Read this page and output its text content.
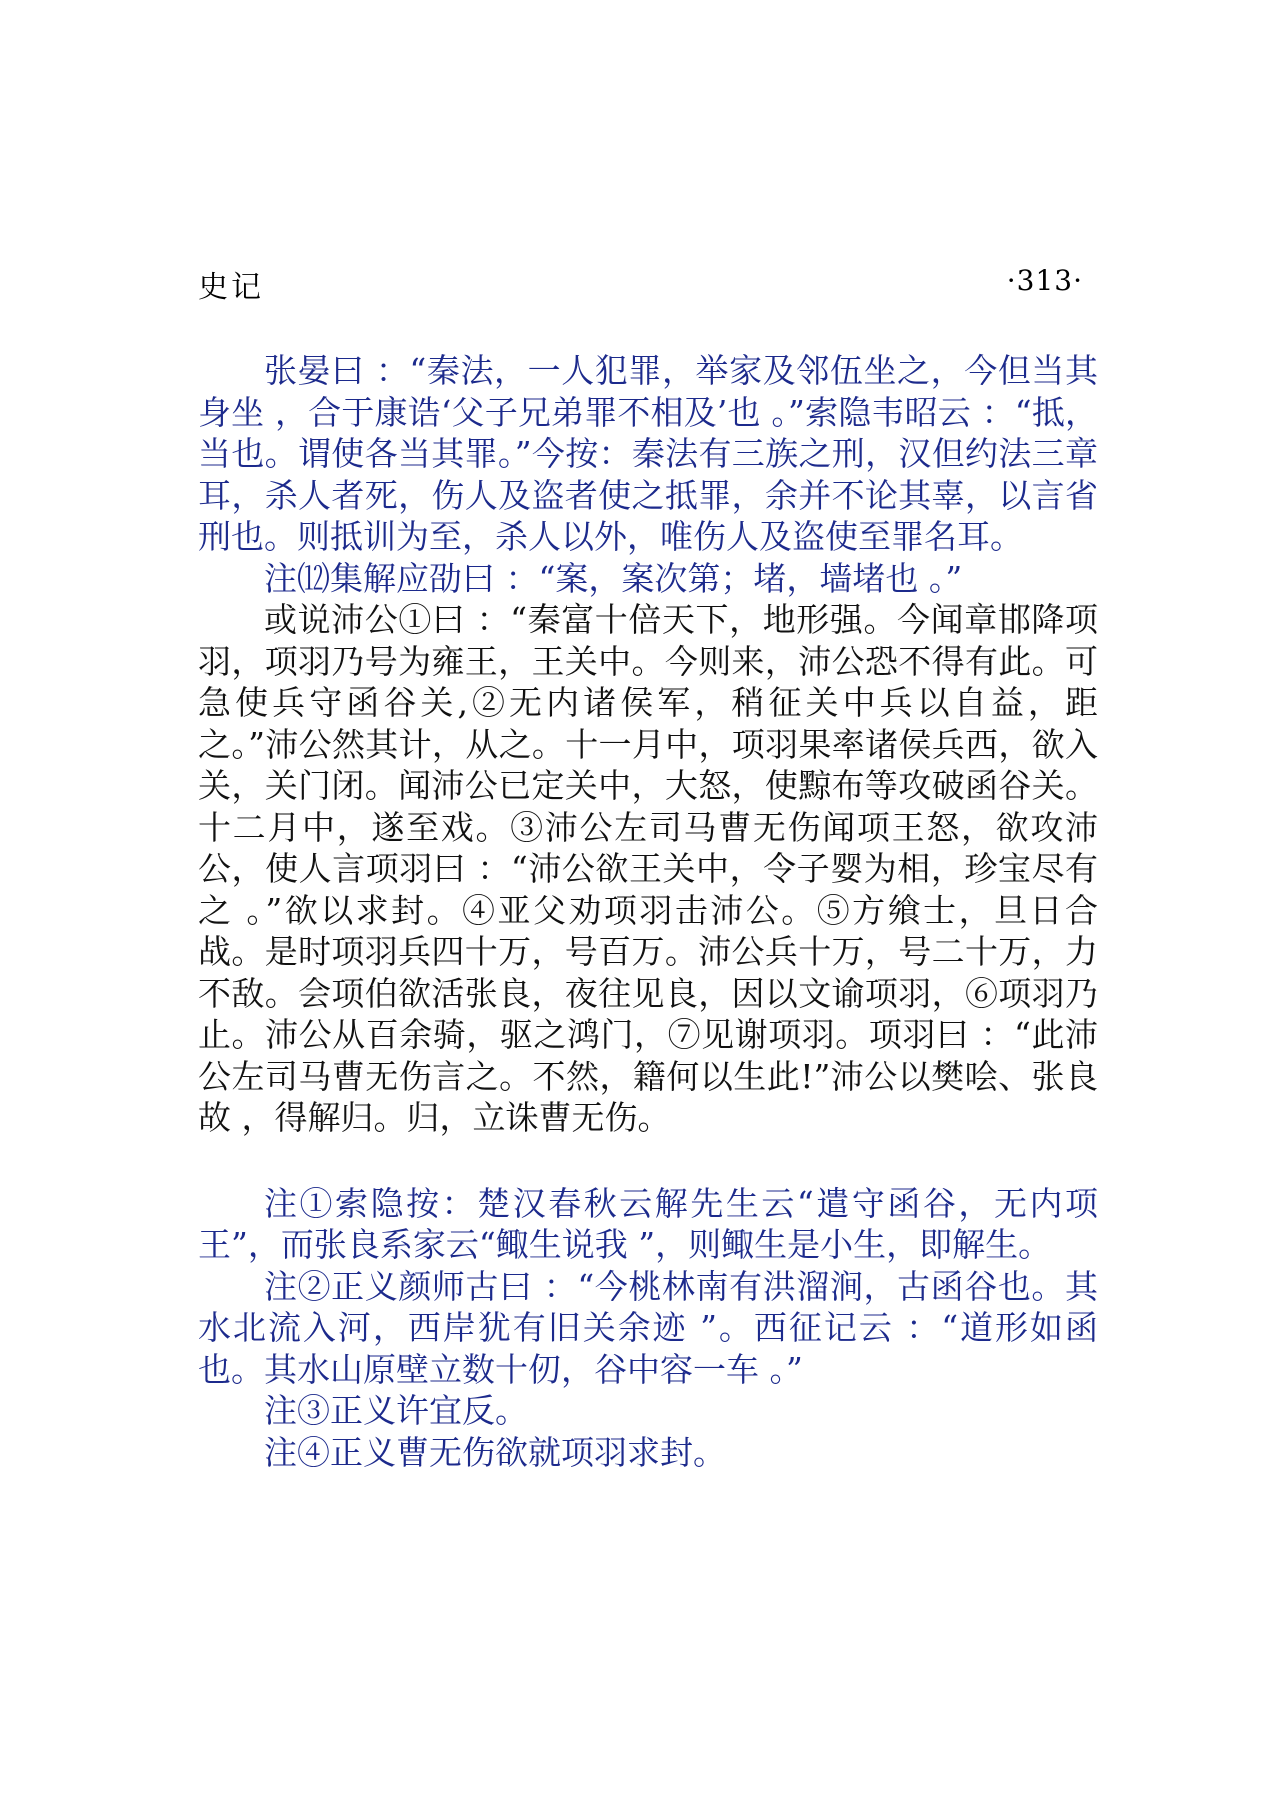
史记	·313·

张晏曰 ：“秦法，一人犯罪，举家及邻伍坐之，今但当其身坐 ，合于康诰‘父子兄弟罪不相及’也 。”索隐韦昭云 ：“抵，当也。谓使各当其罪。”今按：秦法有三族之刑，汉但约法三章耳，杀人者死，伤人及盗者使之抵罪，余并不论其辜，以言省刑也。则抵训为至，杀人以外，唯伤人及盗使至罪名耳。

注⑿集解应劭曰 ：“案，案次第；堵，墙堵也 。”

或说沛公①曰 ：“秦富十倍天下，地形强。今闻章邯降项羽，项羽乃号为雍王，王关中。今则来，沛公恐不得有此。可急使兵守函谷关,②无内诸侯军，稍征关中兵以自益，距之。”沛公然其计，从之。十一月中，项羽果率诸侯兵西，欲入关，关门闭。闻沛公已定关中，大怒，使黥布等攻破函谷关。十二月中，遂至戏。③沛公左司马曹无伤闻项王怒，欲攻沛公，使人言项羽曰 ：“沛公欲王关中，令子婴为相，珍宝尽有之 。”欲以求封。④亚父劝项羽击沛公。⑤方飨士，旦日合战。是时项羽兵四十万，号百万。沛公兵十万，号二十万，力不敌。会项伯欲活张良，夜往见良，因以文谕项羽，⑥项羽乃止。沛公从百余骑，驱之鸿门，⑦见谢项羽。项羽曰 ：“此沛公左司马曹无伤言之。不然，籍何以生此!”沛公以樊哙、张良故 ，得解归。归，立诛曹无伤。

注①索隐按：楚汉春秋云解先生云“遣守函谷，无内项王”，而张良系家云“鲰生说我 ”，则鲰生是小生，即解生。

注②正义颜师古曰 ：“今桃林南有洪溜涧，古函谷也。其水北流入河，西岸犹有旧关余迹 ”。西征记云 ：“道形如函也。其水山原壁立数十仞，谷中容一车 。”

注③正义许宜反。

注④正义曹无伤欲就项羽求封。
